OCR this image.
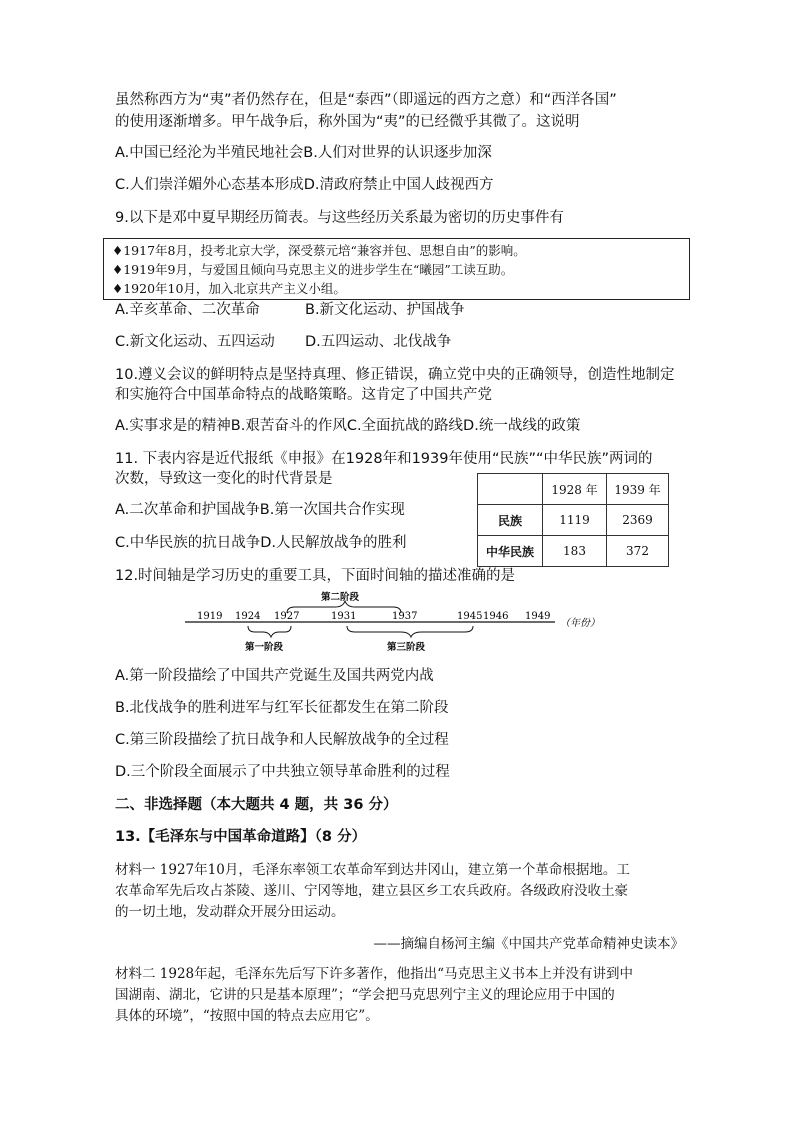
虽然称西方为“夷”者仍然存在，但是“泰西”（即遥远的西方之意）和“西洋各国”
的使用逐渐增多。甲午战争后，称外国为“夷”的已经微乎其微了。这说明
A.中国已经沦为半殖民地社会B.人们对世界的认识逐步加深
C.人们崇洋媚外心态基本形成D.清政府禁止中国人歧视西方
9.以下是邓中夏早期经历简表。与这些经历关系最为密切的历史事件有
♦1917年8月，投考北京大学，深受蔡元培“兼容并包、思想自由”的影响。
♦1919年9月，与爱国且倾向马克思主义的进步学生在“曦园”工读互助。
♦1920年10月，加入北京共产主义小组。
A.辛亥革命、二次革命	B.新文化运动、护国战争
C.新文化运动、五四运动 D.五四运动、北伐战争
10.遵义会议的鲜明特点是坚持真理、修正错误，确立党中央的正确领导，创造性地制定
和实施符合中国革命特点的战略策略。这肯定了中国共产党
A.实事求是的精神B.艰苦奋斗的作风C.全面抗战的路线D.统一战线的政策
11. 下表内容是近代报纸《申报》在1928年和1939年使用“民族”“中华民族”两词的
次数，导致这一变化的时代背景是
A.二次革命和护国战争B.第一次国共合作实现
C.中华民族的抗日战争D.人民解放战争的胜利
	1928 年	1939 年
民族	1119	2369
中华民族	183	372
12.时间轴是学习历史的重要工具，下面时间轴的描述准确的是
（年份）
1919 1924 1927	1931	1937	1945 1946 1949
第二阶段
第一阶段	第三阶段
A.第一阶段描绘了中国共产党诞生及国共两党内战
B.北伐战争的胜利进军与红军长征都发生在第二阶段
C.第三阶段描绘了抗日战争和人民解放战争的全过程
D.三个阶段全面展示了中共独立领导革命胜利的过程
二、非选择题（本大题共 4 题，共 36 分）
13.【毛泽东与中国革命道路】（8 分）
材料一 1927年10月，毛泽东率领工农革命军到达井冈山，建立第一个革命根据地。工
农革命军先后攻占茶陵、遂川、宁冈等地，建立县区乡工农兵政府。各级政府没收土豪
的一切土地，发动群众开展分田运动。
——摘编自杨河主编《中国共产党革命精神史读本》
材料二 1928年起，毛泽东先后写下许多著作，他指出“马克思主义书本上并没有讲到中
国湖南、湖北，它讲的只是基本原理”；“学会把马克思列宁主义的理论应用于中国的
具体的环境”，“按照中国的特点去应用它”。
